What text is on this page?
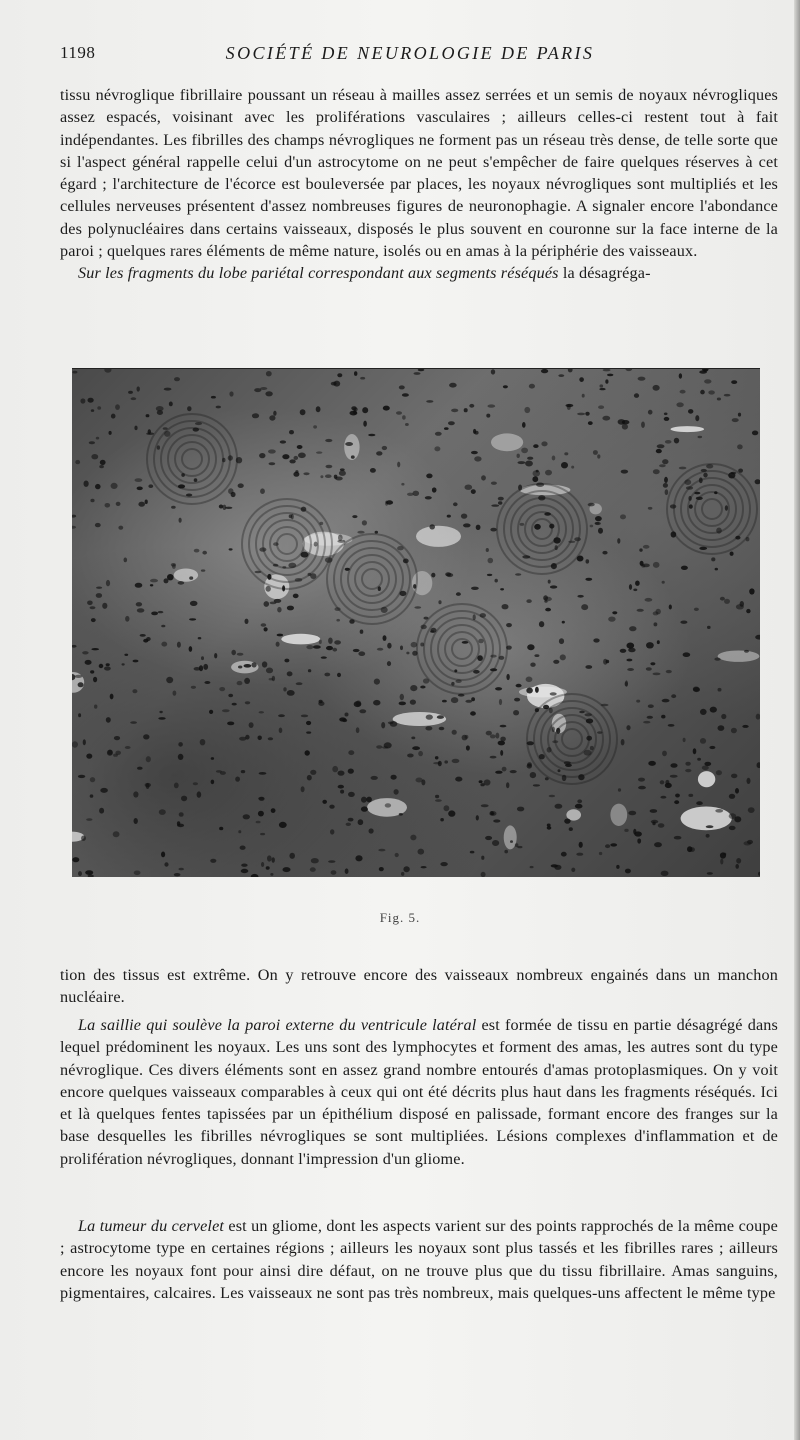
1198	SOCIÉTÉ DE NEUROLOGIE DE PARIS

tissu névroglique fibrillaire poussant un réseau à mailles assez serrées et un semis de noyaux névrogliques assez espacés, voisinant avec les proliférations vasculaires ; ailleurs celles-ci restent tout à fait indépendantes. Les fibrilles des champs névrogliques ne forment pas un réseau très dense, de telle sorte que si l'aspect général rappelle celui d'un astrocytome on ne peut s'empêcher de faire quelques réserves à cet égard ; l'architecture de l'écorce est bouleversée par places, les noyaux névrogliques sont multipliés et les cellules nerveuses présentent d'assez nombreuses figures de neuronophagie. A signaler encore l'abondance des polynucléaires dans certains vaisseaux, disposés le plus souvent en couronne sur la face interne de la paroi ; quelques rares éléments de même nature, isolés ou en amas à la périphérie des vaisseaux.
Sur les fragments du lobe pariétal correspondant aux segments réséqués la désagréga-

Fig. 5.

tion des tissus est extrême. On y retrouve encore des vaisseaux nombreux engainés dans un manchon nucléaire.

La saillie qui soulève la paroi externe du ventricule latéral est formée de tissu en partie désagrégé dans lequel prédominent les noyaux. Les uns sont des lymphocytes et forment des amas, les autres sont du type névroglique. Ces divers éléments sont en assez grand nombre entourés d'amas protoplasmiques. On y voit encore quelques vaisseaux comparables à ceux qui ont été décrits plus haut dans les fragments réséqués. Ici et là quelques fentes tapissées par un épithélium disposé en palissade, formant encore des franges sur la base desquelles les fibrilles névrogliques se sont multipliées. Lésions complexes d'inflammation et de prolifération névrogliques, donnant l'impression d'un gliome.

La tumeur du cervelet est un gliome, dont les aspects varient sur des points rapprochés de la même coupe ; astrocytome type en certaines régions ; ailleurs les noyaux sont plus tassés et les fibrilles rares ; ailleurs encore les noyaux font pour ainsi dire défaut, on ne trouve plus que du tissu fibrillaire. Amas sanguins, pigmentaires, calcaires. Les vaisseaux ne sont pas très nombreux, mais quelques-uns affectent le même type
